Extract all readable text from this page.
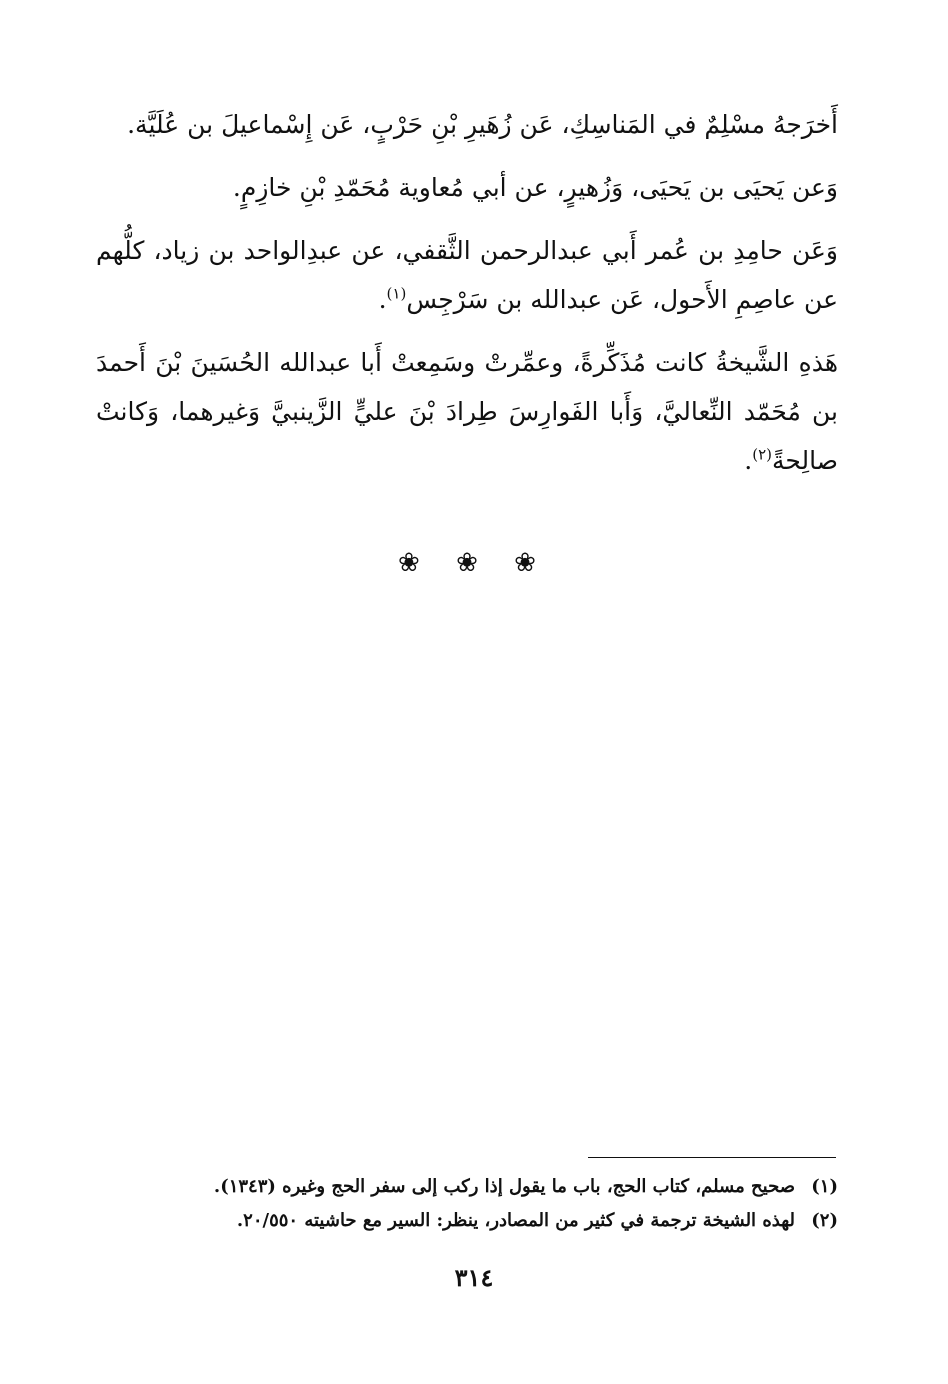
أَخرَجهُ مسْلِمٌ في المَناسِكِ، عَن زُهَيرِ بْنِ حَرْبٍ، عَن إِسْماعيلَ بن عُلَيَّة.

وَعن يَحيَى بن يَحيَى، وَزُهيرٍ، عن أبي مُعاوية مُحَمّدِ بْنِ خازِمٍ.

وَعَن حامِدِ بن عُمر أَبي عبدالرحمن الثَّقفي، عن عبدِالواحد بن زياد، كلُّهم عن عاصِمِ الأَحول، عَن عبدالله بن سَرْجِس$^{(١)}$.

هَذهِ الشَّيخةُ كانت مُذَكِّرةً، وعمِّرتْ وسَمِعتْ أَبا عبدالله الحُسَينَ بْنَ أَحمدَ بن مُحَمّد النِّعاليَّ، وَأَبا الفَوارِسَ طِرادَ بْنَ عليٍّ الزَّينبيَّ وَغيرهما، وَكانتْ صالِحةً$^{(٢)}$.

❀ ❀ ❀

(١) صحيح مسلم، كتاب الحج، باب ما يقول إذا ركب إلى سفر الحج وغيره (١٣٤٣).

(٢) لهذه الشيخة ترجمة في كثير من المصادر، ينظر: السير مع حاشيته ٢٠/٥٥٠.

٣١٤
